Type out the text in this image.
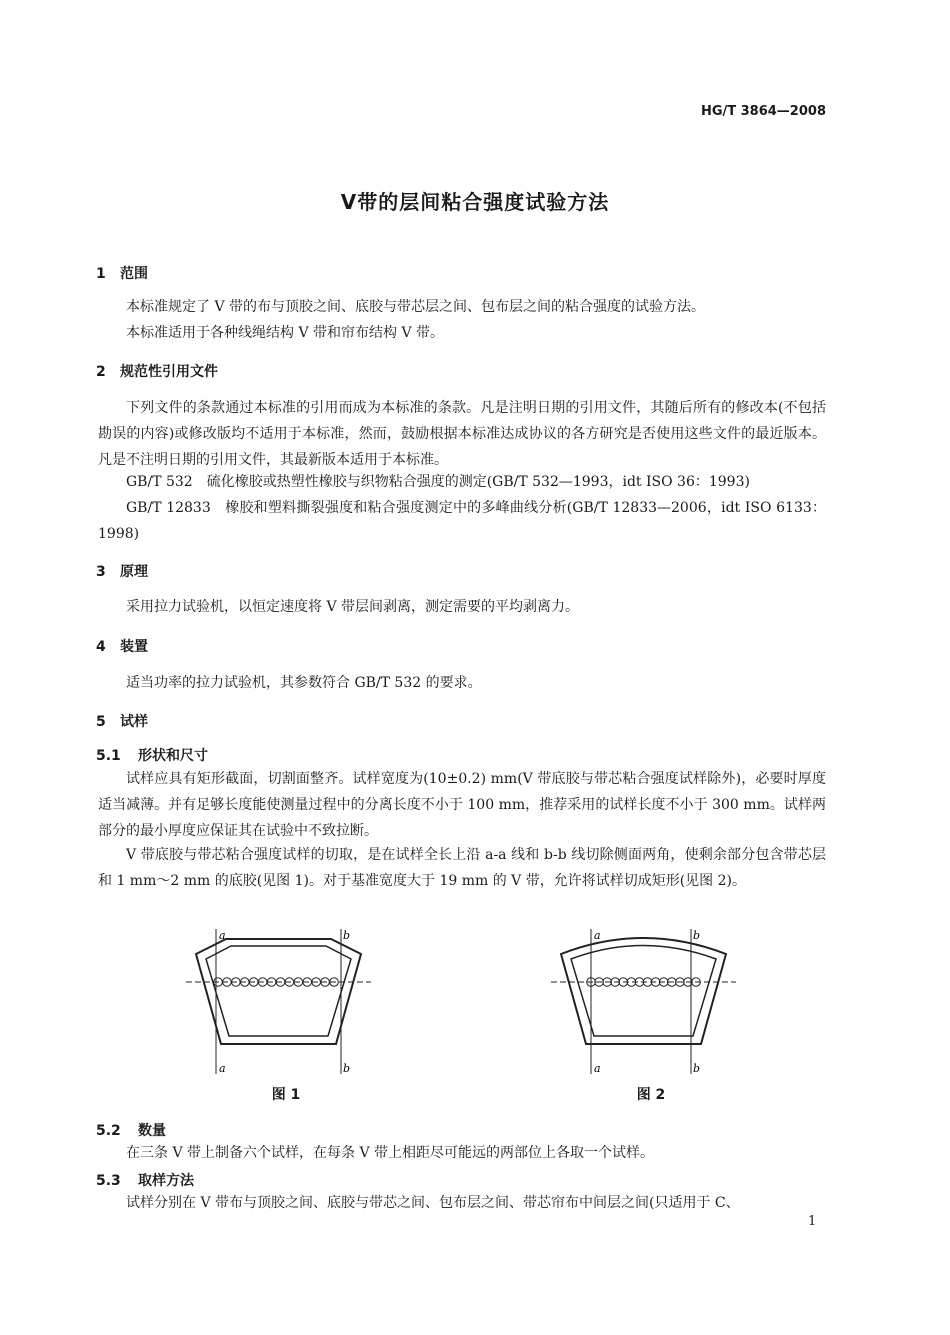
HG/T 3864—2008
V带的层间粘合强度试验方法
1 范围
本标准规定了 V 带的布与顶胶之间、底胶与带芯层之间、包布层之间的粘合强度的试验方法。
本标准适用于各种线绳结构 V 带和帘布结构 V 带。
2 规范性引用文件
下列文件的条款通过本标准的引用而成为本标准的条款。凡是注明日期的引用文件，其随后所有的修改本(不包括勘误的内容)或修改版均不适用于本标准，然而，鼓励根据本标准达成协议的各方研究是否使用这些文件的最近版本。凡是不注明日期的引用文件，其最新版本适用于本标准。
GB/T 532　硫化橡胶或热塑性橡胶与织物粘合强度的测定(GB/T 532—1993，idt ISO 36：1993)
GB/T 12833　橡胶和塑料撕裂强度和粘合强度测定中的多峰曲线分析(GB/T 12833—2006，idt ISO 6133：1998)
3 原理
采用拉力试验机，以恒定速度将 V 带层间剥离，测定需要的平均剥离力。
4 装置
适当功率的拉力试验机，其参数符合 GB/T 532 的要求。
5 试样
5.1 形状和尺寸
试样应具有矩形截面，切割面整齐。试样宽度为(10±0.2) mm(V 带底胶与带芯粘合强度试样除外)，必要时厚度适当减薄。并有足够长度能使测量过程中的分离长度不小于 100 mm，推荐采用的试样长度不小于 300 mm。试样两部分的最小厚度应保证其在试验中不致拉断。
V 带底胶与带芯粘合强度试样的切取，是在试样全长上沿 a-a 线和 b-b 线切除侧面两角，使剩余部分包含带芯层和 1 mm～2 mm 的底胶(见图 1)。对于基准宽度大于 19 mm 的 V 带，允许将试样切成矩形(见图 2)。
a	b
a	b
图 1
a	b
a	b
图 2
5.2 数量
在三条 V 带上制备六个试样，在每条 V 带上相距尽可能远的两部位上各取一个试样。
5.3 取样方法
试样分别在 V 带布与顶胶之间、底胶与带芯之间、包布层之间、带芯帘布中间层之间(只适用于 C、
1
